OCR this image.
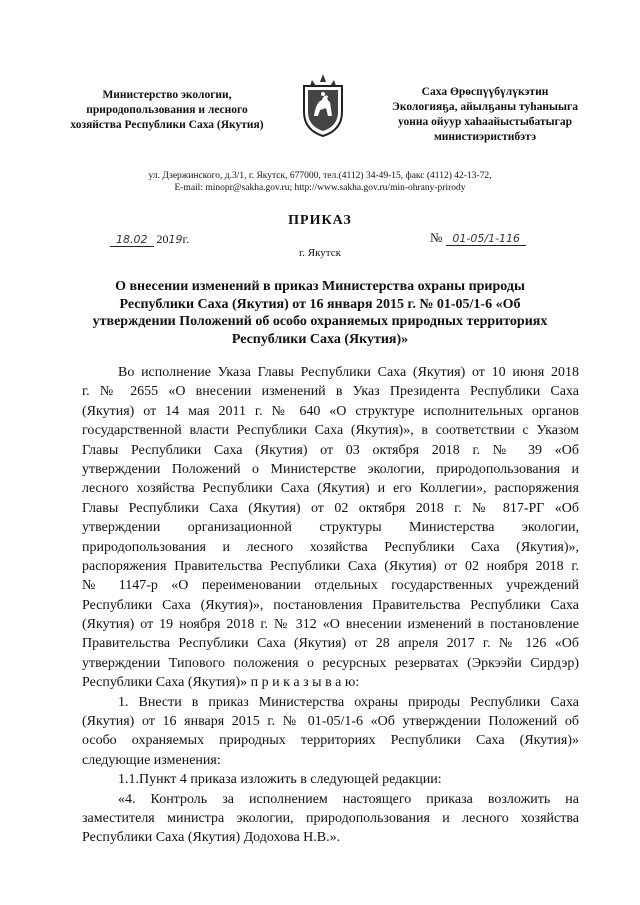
Министерство экологии,
природопользования и лесного
хозяйства Республики Саха (Якутия)
Саха Өрөспүүбүлүкэтин
Экологияҕа, айылҕаны туһаныыга
уонна ойуур хаһаайыстыбатыгар
министиэристибэтэ
ул. Дзержинского, д.3/1, г. Якутск, 677000, тел.(4112) 34-49-15, факс (4112) 42-13-72,
E-mail: minopr@sakha.gov.ru; http://www.sakha.gov.ru/min-ohrany-prirody
ПРИКАЗ
18.02 2019г.	№ 01-05/1-116
г. Якутск
О внесении изменений в приказ Министерства охраны природы
Республики Саха (Якутия) от 16 января 2015 г. № 01-05/1-6 «Об
утверждении Положений об особо охраняемых природных территориях
Республики Саха (Якутия)»
Во исполнение Указа Главы Республики Саха (Якутия) от 10 июня 2018
г. № 2655 «О внесении изменений в Указ Президента Республики Саха
(Якутия) от 14 мая 2011 г. № 640 «О структуре исполнительных органов
государственной власти Республики Саха (Якутия)», в соответствии с Указом
Главы Республики Саха (Якутия) от 03 октября 2018 г. № 39 «Об
утверждении Положений о Министерстве экологии, природопользования и
лесного хозяйства Республики Саха (Якутия) и его Коллегии», распоряжения
Главы Республики Саха (Якутия) от 02 октября 2018 г. № 817-РГ «Об
утверждении организационной структуры Министерства экологии,
природопользования и лесного хозяйства Республики Саха (Якутия)»,
распоряжения Правительства Республики Саха (Якутия) от 02 ноября 2018 г.
№ 1147-р «О переименовании отдельных государственных учреждений
Республики Саха (Якутия)», постановления Правительства Республики Саха
(Якутия) от 19 ноября 2018 г. № 312 «О внесении изменений в постановление
Правительства Республики Саха (Якутия) от 28 апреля 2017 г. № 126 «Об
утверждении Типового положения о ресурсных резерватах (Эркээйи Сирдэр)
Республики Саха (Якутия)» п р и к а з ы в а ю:
1. Внести в приказ Министерства охраны природы Республики Саха
(Якутия) от 16 января 2015 г. № 01-05/1-6 «Об утверждении Положений об
особо охраняемых природных территориях Республики Саха (Якутия)»
следующие изменения:
1.1.Пункт 4 приказа изложить в следующей редакции:
«4. Контроль за исполнением настоящего приказа возложить на
заместителя министра экологии, природопользования и лесного хозяйства
Республики Саха (Якутия) Додохова Н.В.».
